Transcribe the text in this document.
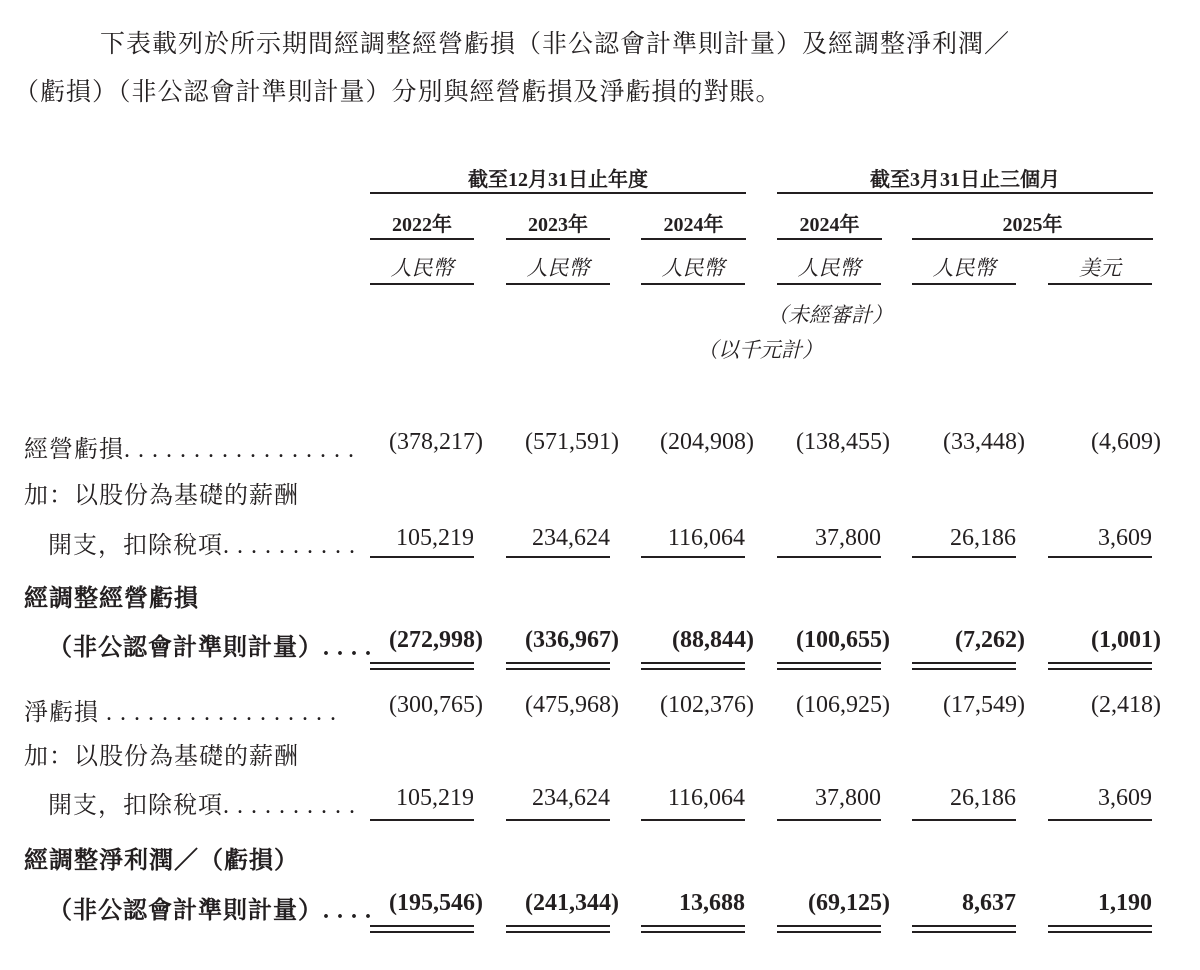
下表載列於所示期間經調整經營虧損（非公認會計準則計量）及經調整淨利潤／
（虧損）（非公認會計準則計量）分別與經營虧損及淨虧損的對賬。
截至12月31日止年度	截至3月31日止三個月
（未經審計）
（以千元計）
2022年	2023年	2024年	2024年	2025年
人民幣	人民幣	人民幣	人民幣	人民幣	美元
經營虧損. . . . . . . . . . . . . . . . .	(378,217)	(571,591)	(204,908)	(138,455)	(33,448)	(4,609)
加：以股份為基礎的薪酬
開支，扣除稅項. . . . . . . . . .	105,219	234,624	116,064	37,800	26,186	3,609
經調整經營虧損
（非公認會計準則計量）. . . . (272,998)	(336,967)	(88,844)	(100,655)	(7,262)	(1,001)
淨虧損 . . . . . . . . . . . . . . . . .	(300,765)	(475,968)	(102,376)	(106,925)	(17,549)	(2,418)
加：以股份為基礎的薪酬
開支，扣除稅項. . . . . . . . . .	105,219	234,624	116,064	37,800	26,186	3,609
經調整淨利潤／（虧損）
（非公認會計準則計量）. . . . (195,546)	(241,344)	13,688	(69,125)	8,637	1,190
